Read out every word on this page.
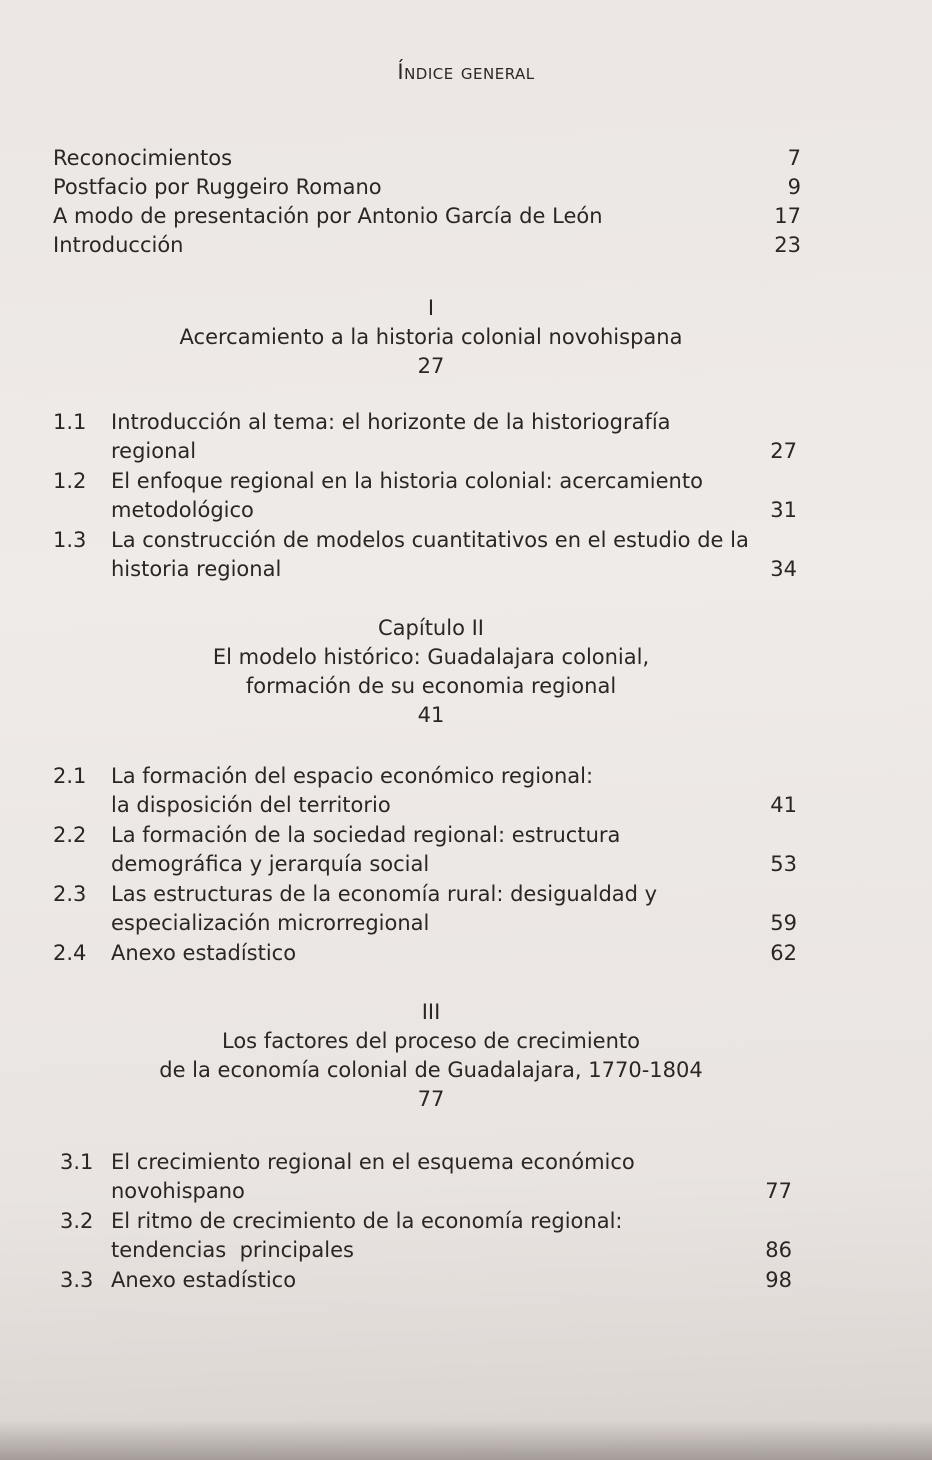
Índice general
Reconocimientos	7
Postfacio por Ruggeiro Romano	9
A modo de presentación por Antonio García de León	17
Introducción	23
I
Acercamiento a la historia colonial novohispana
27
1.1	Introducción al tema: el horizonte de la historiografía
regional	27
1.2	El enfoque regional en la historia colonial: acercamiento
metodológico	31
1.3	La construcción de modelos cuantitativos en el estudio de la
historia regional	34
Capítulo II
El modelo histórico: Guadalajara colonial,
formación de su economia regional
41
2.1	La formación del espacio económico regional:
la disposición del territorio	41
2.2	La formación de la sociedad regional: estructura
demográfica y jerarquía social	53
2.3	Las estructuras de la economía rural: desigualdad y
especialización microrregional	59
2.4	Anexo estadístico	62
III
Los factores del proceso de crecimiento
de la economía colonial de Guadalajara, 1770-1804
77
3.1 El crecimiento regional en el esquema económico
novohispano	77
3.2 El ritmo de crecimiento de la economía regional:
tendencias  principales	86
3.3 Anexo estadístico	98
